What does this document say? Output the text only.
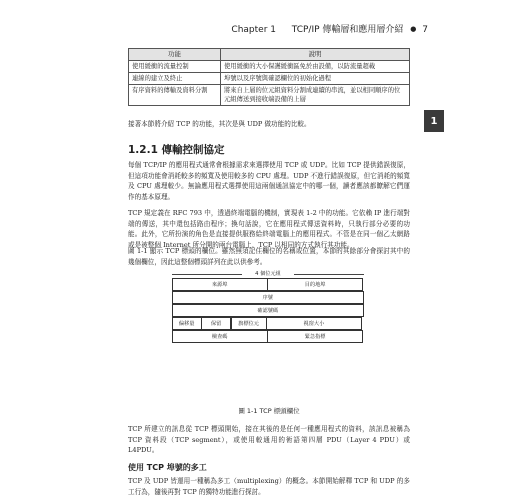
Chapter 1 TCP/IP 傳輸層和應用層介紹 ● 7
1
功能	說明
使用緩衝的流量控制	使用緩衝的大小保護緩衝區免於由設備，以防流量超載
連線的建立及終止	埠號以及序號與確認欄位的初始化過程
有序資料的傳輸及資料分割	將來自上層的位元組資料分割成連續的串流，並以相同順序的位元組傳送到接收端設備的上層
接著本節將介紹 TCP 的功能，其次是與 UDP 做功能的比較。
1.2.1 傳輸控制協定
每個 TCP/IP 的應用程式通常會根據需求來選擇使用 TCP 或 UDP。比如 TCP 提供錯誤復原，但這項功能會消耗較多的頻寬及使用較多的 CPU 處理。UDP 不進行錯誤復原，但它消耗的頻寬及 CPU 處理較少。無論應用程式選擇使用這兩個通訊協定中的哪一個，讀者應該都瞭解它們運作的基本原理。
TCP 規定義在 RFC 793 中，透過終端電腦的機制，實現表 1-2 中的功能。它依賴 IP 進行端對端的傳送，其中還包括路由程序；換句話說，它在應用程式傳送資料時，只執行部分必要的功能。此外，它所扮演的角色是直接提供服務給終端電腦上的應用程式。不管是在同一個乙太網路或是被整個 Internet 所分開的兩台電腦上，TCP 以相同的方式執行其功能。
圖 1-1 顯示 TCP 標頭的欄位。雖然無須記住欄位的名稱或位置，本節的其餘部分會探討其中的幾個欄位，因此這整個標頭詳列在此以供參考。
4 個位元組
來源埠	目的地埠
序號
確認號碼
偏移量	保留	旗標位元	視窗大小
檢查碼	緊急指標
圖 1-1 TCP 標頭欄位
TCP 所建立的訊息從 TCP 標頭開始，接在其後的是任何一種應用程式的資料，該訊息被稱為 TCP 資料段（TCP segment），或使用較通用的術語第四層 PDU（Layer 4 PDU）或 L4PDU。
使用 TCP 埠號的多工
TCP 及 UDP 皆運用一種稱為多工（multiplexing）的概念。本節開始解釋 TCP 和 UDP 的多工行為，隨後再對 TCP 的獨特功能進行探討。
